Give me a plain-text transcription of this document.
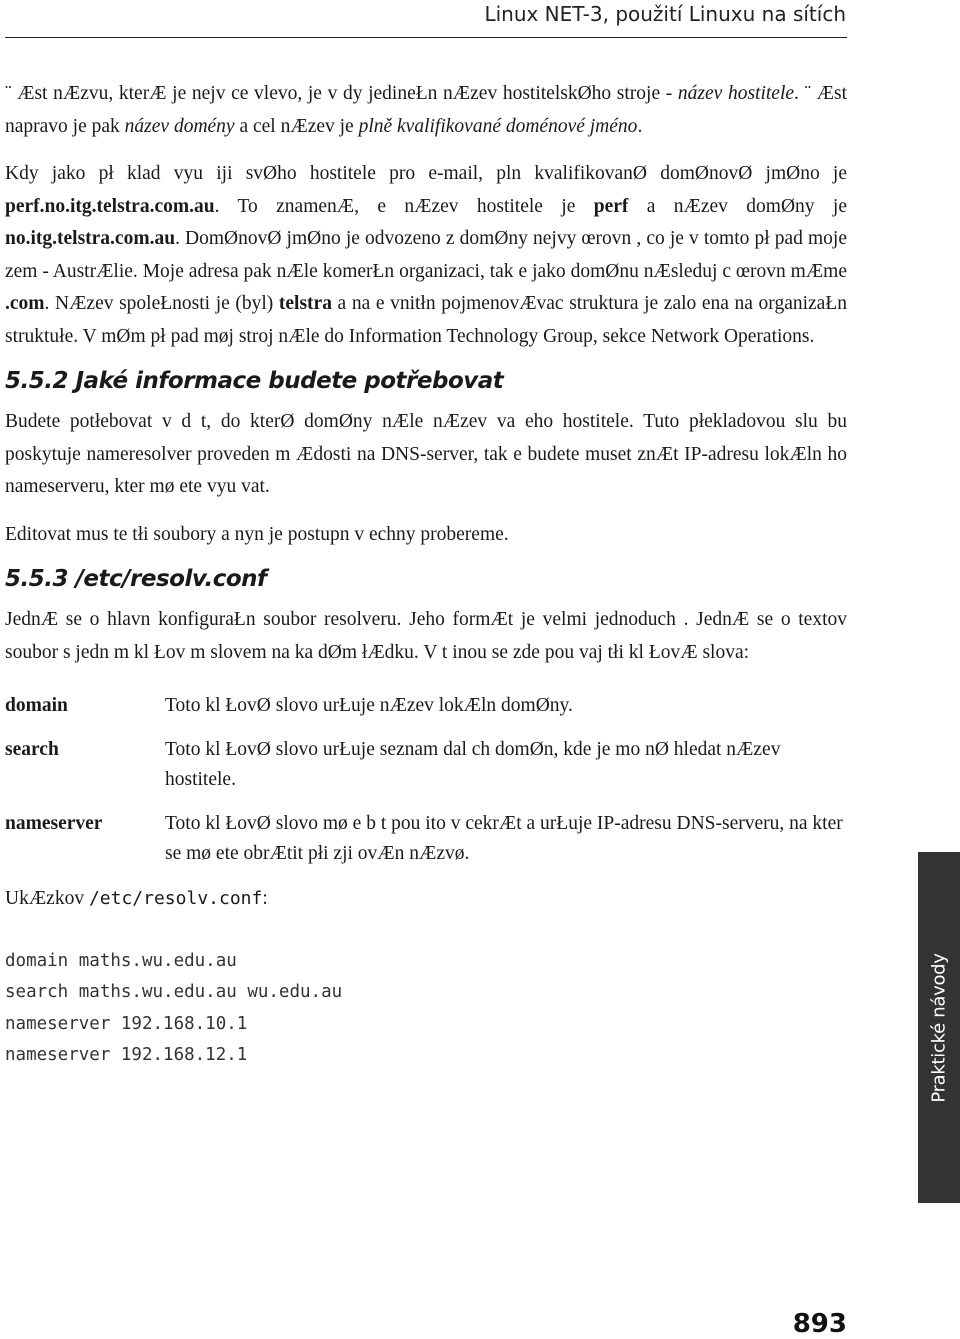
Linux NET-3, použití Linuxu na sítích

¨ Æst nÆzvu, kterÆ je nejv ce vlevo, je v dy jedineŁn nÆzev hostitelskØho stroje - název hostitele. ¨ Æst napravo je pak název domény a cel nÆzev je plně kvalifikované doménové jméno.

Kdy jako pł klad vyu iji svØho hostitele pro e-mail, pln kvalifikovanØ domØnovØ jmØno je perf.no.itg.telstra.com.au. To znamenÆ, e nÆzev hostitele je perf a nÆzev domØny je no.itg.telstra.com.au. DomØnovØ jmØno je odvozeno z domØny nejvy œrovn , co je v tomto pł pad moje zem - AustrÆlie. Moje adresa pak nÆle komerŁn organizaci, tak e jako domØnu nÆsleduj c œrovn mÆme .com. NÆzev spoleŁnosti je (byl) telstra a na e vnitłn pojmenovÆvac struktura je zalo ena na organizaŁn struktułe. V mØm pł pad møj stroj nÆle do Information Technology Group, sekce Network Operations.

5.5.2 Jaké informace budete potřebovat

Budete potłebovat v d t, do kterØ domØny nÆle nÆzev va eho hostitele. Tuto płekladovou slu bu poskytuje nameresolver proveden m Ædosti na DNS-server, tak e budete muset znÆt IP-adresu lokÆln ho nameserveru, kter mø ete vyu vat.

Editovat mus te tłi soubory a nyn je postupn v echny probereme.

5.5.3 /etc/resolv.conf

JednÆ se o hlavn konfiguraŁn soubor resolveru. Jeho formÆt je velmi jednoduch . JednÆ se o textov soubor s jedn m kl Łov m slovem na ka dØm łÆdku. V t inou se zde pou vaj tłi kl ŁovÆ slova:

domain	Toto kl ŁovØ slovo urŁuje nÆzev lokÆln domØny.
search	Toto kl ŁovØ slovo urŁuje seznam dal ch domØn, kde je mo nØ hledat nÆzev hostitele.
nameserver	Toto kl ŁovØ slovo mø e b t pou ito v cekrÆt a urŁuje IP-adresu DNS-serveru, na kter se mø ete obrÆtit płi zji ovÆn nÆzvø.

UkÆzkov /etc/resolv.conf:

domain maths.wu.edu.au
search maths.wu.edu.au wu.edu.au
nameserver 192.168.10.1
nameserver 192.168.12.1	Praktické návody
893
